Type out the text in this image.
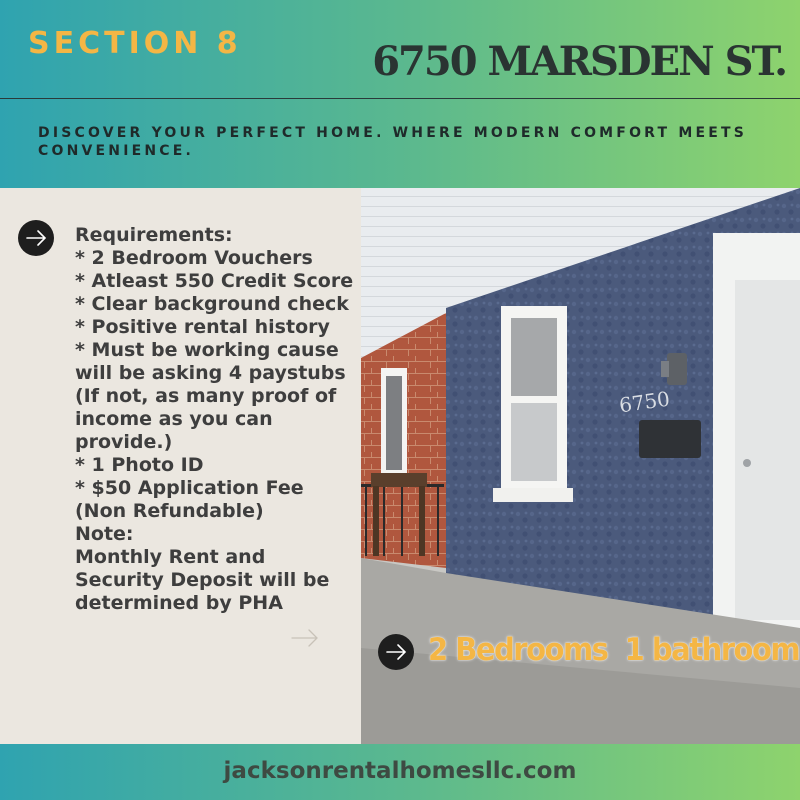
SECTION 8	6750 MARSDEN ST.
DISCOVER YOUR PERFECT HOME. WHERE MODERN COMFORT MEETS CONVENIENCE.
Requirements:
* 2 Bedroom Vouchers
* Atleast 550 Credit Score
* Clear background check
* Positive rental history
* Must be working cause will be asking 4 paystubs (If not, as many proof of income as you can provide.)
* 1 Photo ID
* $50 Application Fee (Non Refundable)
Note:
Monthly Rent and Security Deposit will be determined by PHA
6750
2 Bedrooms  1 bathroom
jacksonrentalhomesllc.com
